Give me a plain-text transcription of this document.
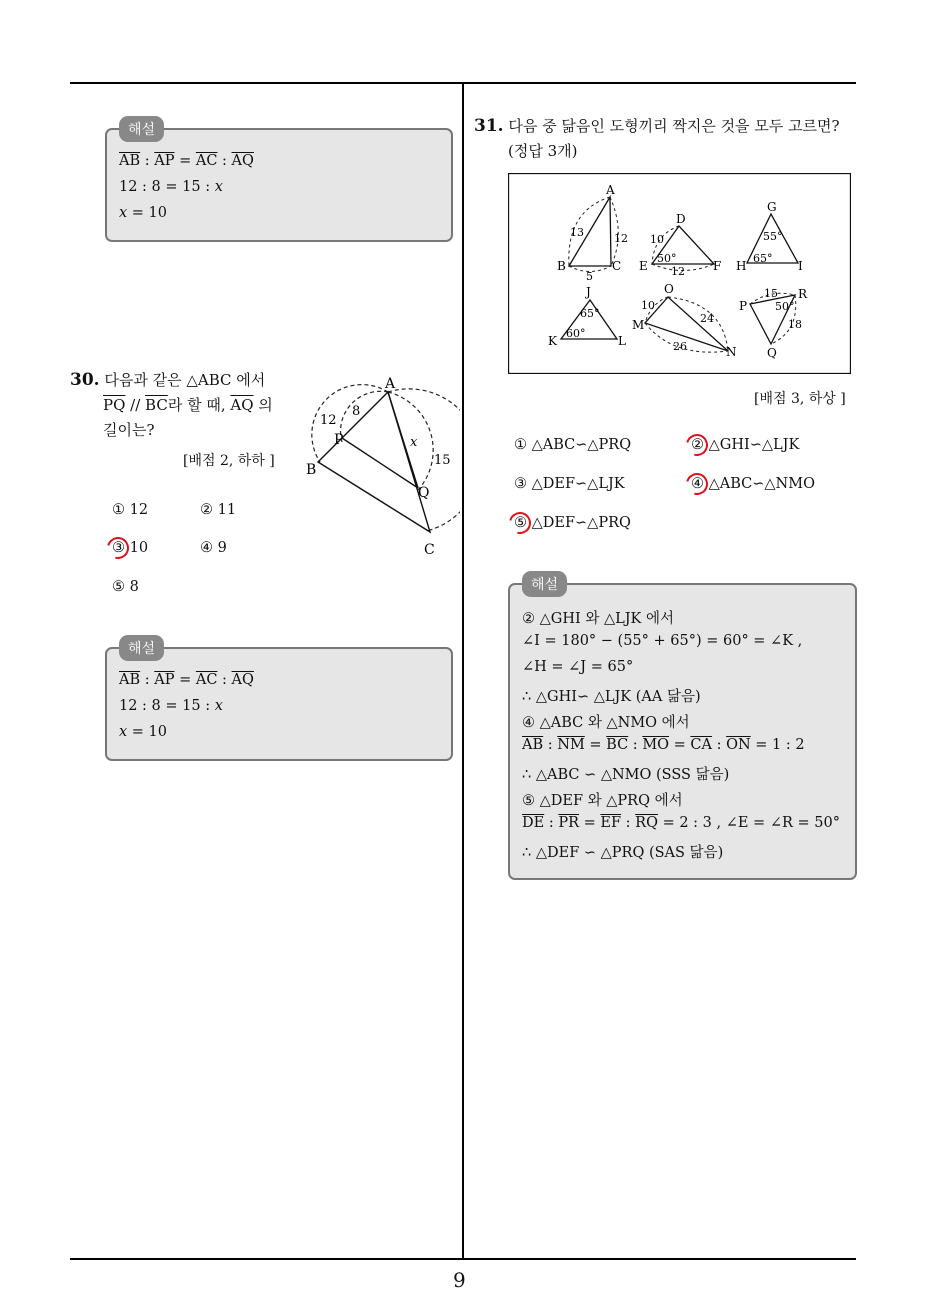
9
$\overline{AB}$ : $\overline{AP} = \overline{AC}$ : $\overline{AQ}$
12 : 8 = 15 : x
x = 10
해설
30. 다음과 같은 △ABC 에서
$\overline{PQ} // \overline{BC}$라 할 때, $\overline{AQ}$ 의
길이는?
[배점 2, 하하 ]
A
B
C
P
Q
12
8
x
15
① 12	② 11
③ 10	④ 9
⑤ 8
$\overline{AB}$ : $\overline{AP} = \overline{AC}$ : $\overline{AQ}$
12 : 8 = 15 : x
x = 10
해설
31. 다음 중 닮음인 도형끼리 짝지은 것을 모두 고르면?
(정답 3개)
A
B	C
13	12
5
D
E	F
10
12
50°
G
H	I
55°
65°
J
K	L
65°
60°
O
M
N
10
24
26
P
R
Q
15
18
50°
[배점 3, 하상 ]
① △ABC∽△PRQ	② △GHI∽△LJK
③ △DEF∽△LJK	④ △ABC∽△NMO
⑤ △DEF∽△PRQ
② △GHI 와 △LJK 에서
∠I = 180° − (55° + 65°) = 60° = ∠K ,
∠H = ∠J = 65°
∴ △GHI∽ △LJK (AA 닮음)
④ △ABC 와 △NMO 에서
$\overline{AB}$ : $\overline{NM} = \overline{BC}$ : $\overline{MO} = \overline{CA}$ : $\overline{ON} = 1$ : 2
∴ △ABC ∽ △NMO (SSS 닮음)
⑤ △DEF 와 △PRQ 에서
$\overline{DE}$ : $\overline{PR} = \overline{EF}$ : $\overline{RQ} = 2$ : 3 , ∠E = ∠R = 50°
∴ △DEF ∽ △PRQ (SAS 닮음)
해설
